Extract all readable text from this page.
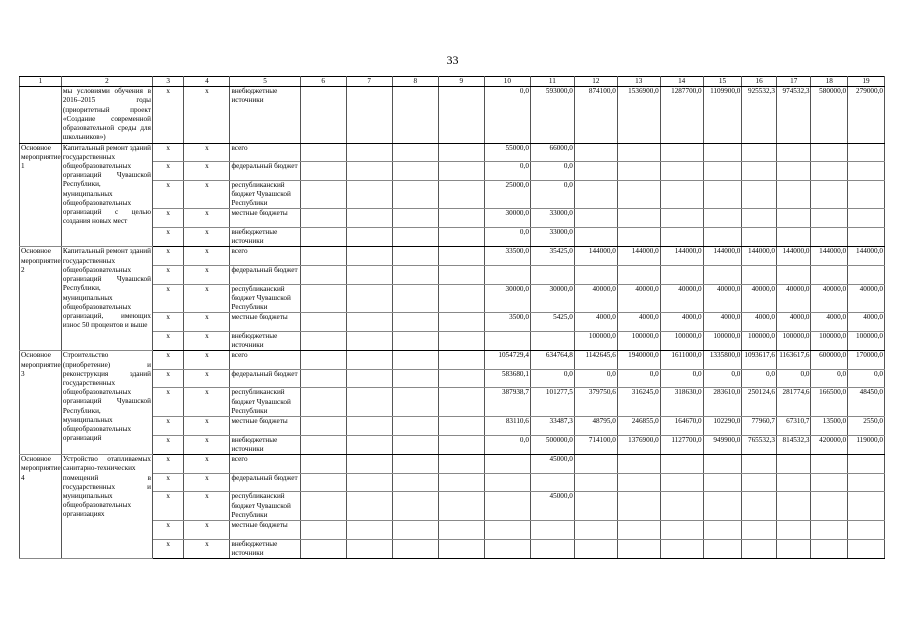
33
1	2	3	4	5	6	7	8	9	10	11	12	13	14	15	16	17	18	19
	мы условиями обучения в 2016–2015 годы (приоритетный проект «Создание современной образовательной среды для школьников»)	х	х	внебюджетные источники					0,0	593000,0	874100,0	1536900,0	1287700,0	1109900,0	925532,3	974532,3	580000,0	279000,0
Основное мероприятие 1	Капитальный ремонт зданий государственных общеобразовательных организаций Чувашской Республики, муниципальных общеобразовательных организаций с целью создания новых мест	х	х	всего					55000,0	66000,0								
		х	х	федеральный бюджет					0,0	0,0								
		х	х	республиканский бюджет Чувашской Республики					25000,0	0,0								
		х	х	местные бюджеты					30000,0	33000,0								
		х	х	внебюджетные источники					0,0	33000,0								
Основное мероприятие 2	Капитальный ремонт зданий государственных общеобразовательных организаций Чувашской Республики, муниципальных общеобразовательных организаций, имеющих износ 50 процентов и выше	х	х	всего					33500,0	35425,0	144000,0	144000,0	144000,0	144000,0	144000,0	144000,0	144000,0	144000,0
		х	х	федеральный бюджет														
		х	х	республиканский бюджет Чувашской Республики					30000,0	30000,0	40000,0	40000,0	40000,0	40000,0	40000,0	40000,0	40000,0	40000,0
		х	х	местные бюджеты					3500,0	5425,0	4000,0	4000,0	4000,0	4000,0	4000,0	4000,0	4000,0	4000,0
		х	х	внебюджетные источники							100000,0	100000,0	100000,0	100000,0	100000,0	100000,0	100000,0	100000,0
Основное мероприятие 3	Строительство (приобретение) и реконструкция зданий государственных общеобразовательных организаций Чувашской Республики, муниципальных общеобразовательных организаций	х	х	всего					1054729,4	634764,8	1142645,6	1940000,0	1611000,0	1335800,0	1093617,6	1163617,6	600000,0	170000,0
		х	х	федеральный бюджет					583680,1	0,0	0,0	0,0	0,0	0,0	0,0	0,0	0,0	0,0
		х	х	республиканский бюджет Чувашской Республики					387938,7	101277,5	379750,6	316245,0	318630,0	283610,0	250124,6	281774,6	166500,0	48450,0
		х	х	местные бюджеты					83110,6	33487,3	48795,0	246855,0	164670,0	102290,0	77960,7	67310,7	13500,0	2550,0
		х	х	внебюджетные источники					0,0	500000,0	714100,0	1376900,0	1127700,0	949900,0	765532,3	814532,3	420000,0	119000,0
Основное мероприятие 4	Устройство отапливаемых санитарно-технических помещений в государственных и муниципальных общеобразовательных организациях	х	х	всего						45000,0								
		х	х	федеральный бюджет														
		х	х	республиканский бюджет Чувашской Республики						45000,0								
		х	х	местные бюджеты														
		х	х	внебюджетные источники														
